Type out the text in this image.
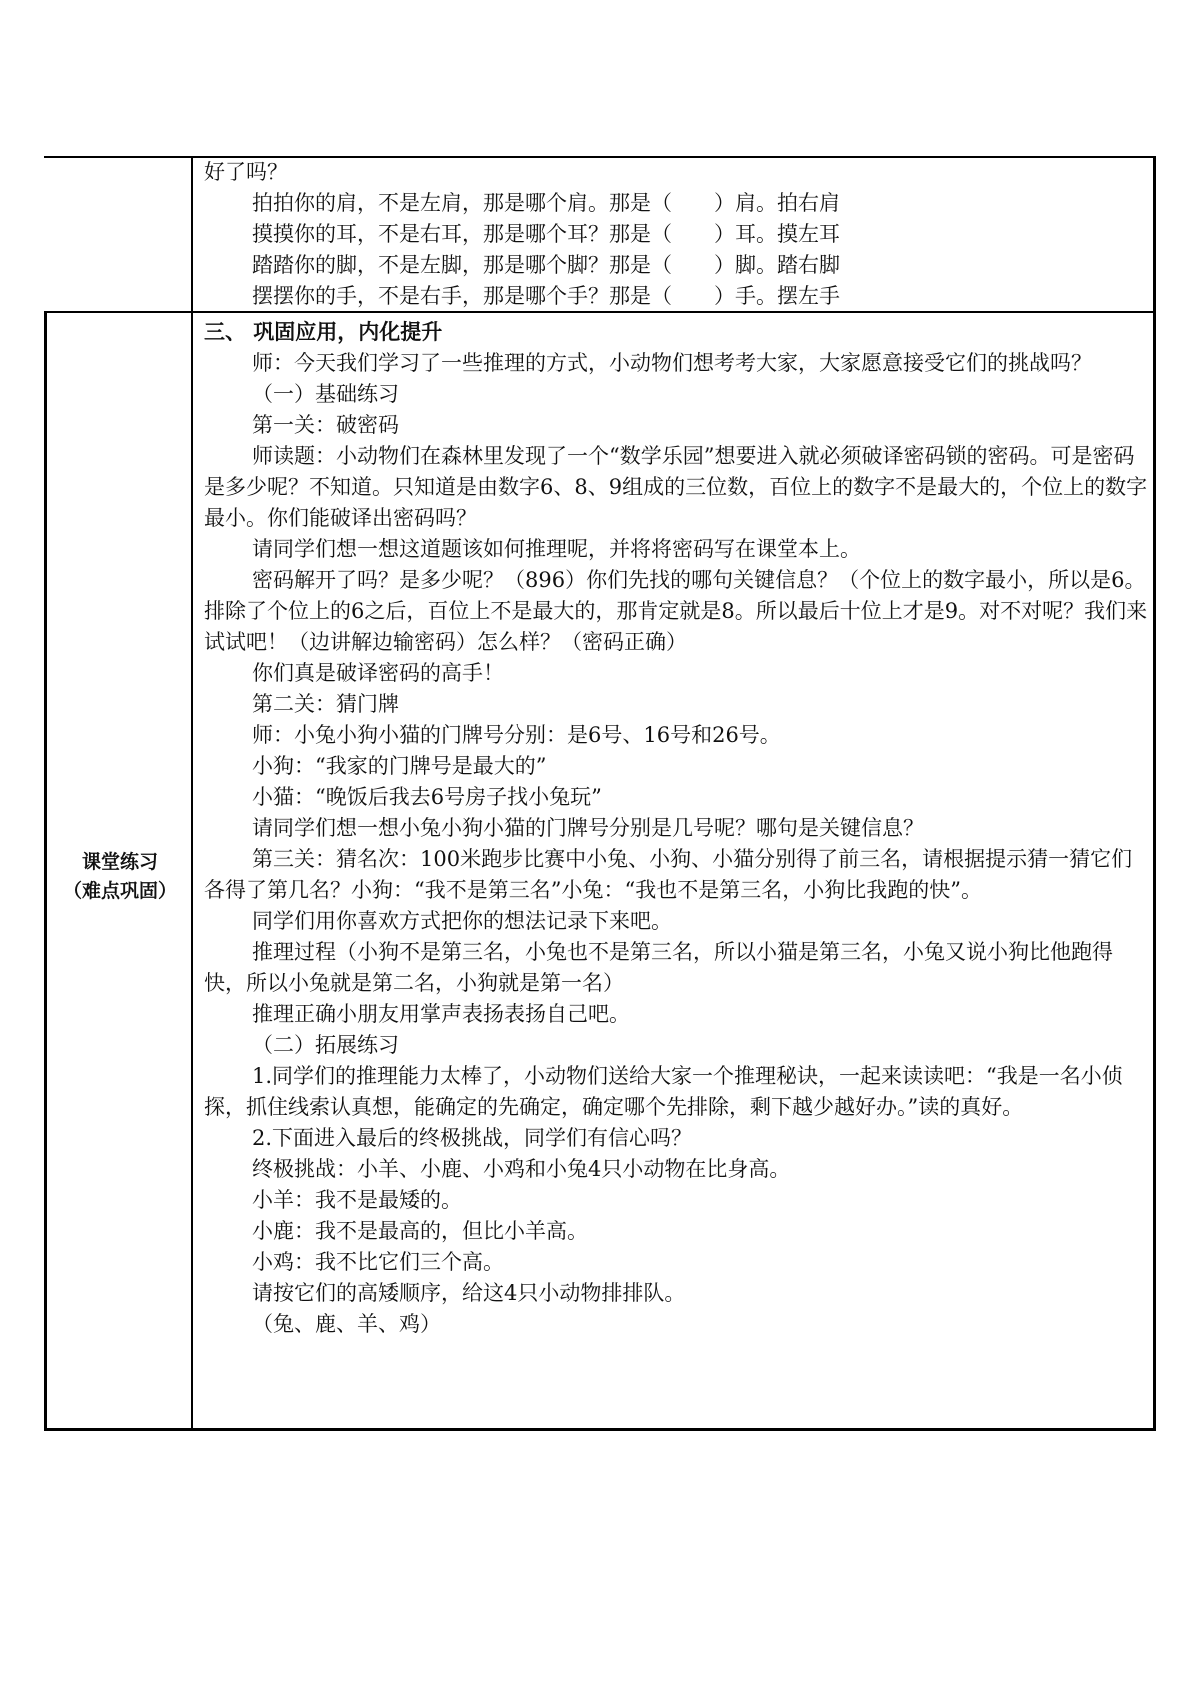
好了吗？

拍拍你的肩，不是左肩，那是哪个肩。那是（　　）肩。拍右肩

摸摸你的耳，不是右耳，那是哪个耳？那是（　　）耳。摸左耳

踏踏你的脚，不是左脚，那是哪个脚？那是（　　）脚。踏右脚

摆摆你的手，不是右手，那是哪个手？那是（　　）手。摆左手

课堂练习
（难点巩固）

三、 巩固应用，内化提升

师：今天我们学习了一些推理的方式，小动物们想考考大家，大家愿意接受它们的挑战吗？

（一）基础练习

第一关：破密码

师读题：小动物们在森林里发现了一个“数学乐园”想要进入就必须破译密码锁的密码。可是密码是多少呢？不知道。只知道是由数字6、8、9组成的三位数，百位上的数字不是最大的，个位上的数字最小。你们能破译出密码吗？

请同学们想一想这道题该如何推理呢，并将将密码写在课堂本上。

密码解开了吗？是多少呢？（896）你们先找的哪句关键信息？（个位上的数字最小，所以是6。排除了个位上的6之后，百位上不是最大的，那肯定就是8。所以最后十位上才是9。对不对呢？我们来试试吧！（边讲解边输密码）怎么样？（密码正确）

你们真是破译密码的高手！

第二关：猜门牌

师：小兔小狗小猫的门牌号分别：是6号、16号和26号。

小狗：“我家的门牌号是最大的”

小猫：“晚饭后我去6号房子找小兔玩”

请同学们想一想小兔小狗小猫的门牌号分别是几号呢？哪句是关键信息？

第三关：猜名次：100米跑步比赛中小兔、小狗、小猫分别得了前三名，请根据提示猜一猜它们各得了第几名？小狗：“我不是第三名”小兔：“我也不是第三名，小狗比我跑的快”。

同学们用你喜欢方式把你的想法记录下来吧。

推理过程（小狗不是第三名，小兔也不是第三名，所以小猫是第三名，小兔又说小狗比他跑得快，所以小兔就是第二名，小狗就是第一名）

推理正确小朋友用掌声表扬表扬自己吧。

（二）拓展练习

1.同学们的推理能力太棒了，小动物们送给大家一个推理秘诀，一起来读读吧：“我是一名小侦探，抓住线索认真想，能确定的先确定，确定哪个先排除，剩下越少越好办。”读的真好。

2.下面进入最后的终极挑战，同学们有信心吗？

终极挑战：小羊、小鹿、小鸡和小兔4只小动物在比身高。

小羊：我不是最矮的。

小鹿：我不是最高的，但比小羊高。

小鸡：我不比它们三个高。

请按它们的高矮顺序，给这4只小动物排排队。

（兔、鹿、羊、鸡）
